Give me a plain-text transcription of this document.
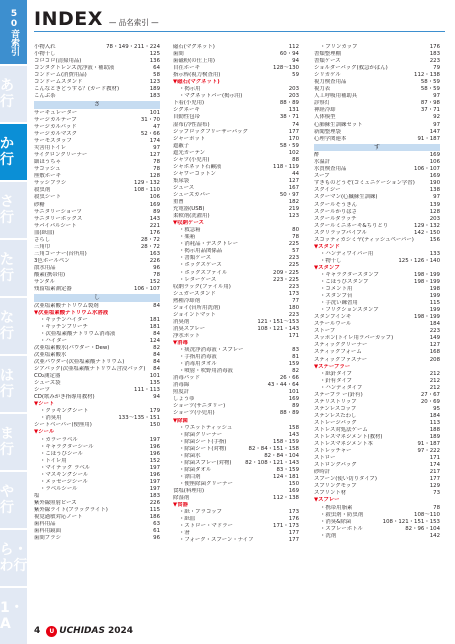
50音索引
あ行
か行
さ行
た行
な行
は行
ま行
や行
ら・わ行
1・A
INDEX — 品名索引 —
小物入れ	78・149・211・224
小物干し	125
コロコロ(清掃用品)	136
コンタクトレンズ洗浄液・補助液	64
コンドーム(消費用品)	58
コンドームスタンド	123
こんなときどうする？(カード教材)	189
こんぶ茶	183
さ
サーキュレーター	101
サージカルテープ	31・70
サージカルパッド	47
サージカルマスク	52・66
サーモスタッフ	174
災害用トイレ	97
サイクロンクリーナー	127
細ほうちゃ	78
サコッシュ	78
座敷ホーキ	128
サッシブラシ	129・132
殺虫剤	108・110
殺虫シート	106
砂糖	169
サニタリーショーツ	89
サニタリーボックス	143
サバイバルシート	221
皿(紙皿)	176
さらし	28・72
三角巾	28・72
三角コーナー(台所用)	163
3色ボールペン	226
散水用品	96
酸素(携帯用)	78
サンダル	152
残留塩素測定器	106・107
し
次亜塩素酸ナトリウム製剤	84
▼次亜塩素酸ナトリウム水溶液
・キッチンハイター	181
・キッチンブリーチ	181
・次亜塩素酸ナトリウム消毒液	84
・ハイター	124
次亜塩素酸水(パウダー・Dew)	82
次亜塩素酸水	84
次亜パウダー(次亜塩素酸ナトリウム)	84
ジアパック(次亜塩素酸ナトリウム含浸パック) 84
CO₂測定器	101
シューズ袋	135
シーツ	111・113
CD(歌みがき指導用教材)	94
▼シート
・クッキングシート	179
・消臭用	133～135・151
シートベーパー(便座用)	150
▼シール
・カラーラベル	197
・キャラクターシール	196
・ごほうびシール	196
・トイレ用	152
・マイテック ラベル	197
・マスキングシール	196
・メッセージシール	197
・ラベルシール	197
塩	183
紫外線照射ビーズ	226
紫外線ライト(ブラックライト)	115
視覚過敏対応ノート	186
歯科用品	63
歯科用鏡面	61
歯間ブラシ	96
磁石(マグネット)	112
歯間	60・94
歯磁粉(の仕上用)	94
自在ホーキ	128～130
指示棒(視力検査用)	59
▼磁石(マグネット)
・掲示用	203
・マグネットバー(掲示用)	203
下着(小児用)	88・89
シグネーキ	131
自動性包帯	38・71
湿布(冷性湿布)	74
ジップロックフリーザーバッグ	177
ジャーポット	170
遮蔽子	58・59
遮光カーテン	102
シャツ(小児用)	88
シャボネット石鹸液	118・119
シャワーコットン	44
集尿袋	127
ジュース	167
シューズカバー	50・97
重曹	182
充電器(USB)	219
柔軟剤(洗濯用)	123
▼収納ケース
・救急箱	80
・薬箱	78
・消耗品・デスクトレー	225
・掲示用品関係品	57
・書類ケース	223
・ボックスケース	225
・ボックスファイル	209・225
・レターケース	223・225
収納ラック(ファイル用)	223
シュガースタンド	173
熱種冷却剤	77
ジョイ(台所用洗剤)	180
ジョイントマット	223
消臭剤	121・151～153
消臭スプレー	108・121・143
浄水ポット	171
▼消毒
・痰洗浄消毒液・スプレー	83
・手指用消毒液	81
・消毒用タオル	159
・噴射・吹野用消毒液	82
消毒パッド	26・66
消毒綿	43・44・64
照度計	101
しょうゆ	169
ショーツ(サニタリー)	89
ショーツ(小児用)	88・89
▼除菌
・ウエットティッシュ	158
・除菌クリーナー	143
・除菌シート(手指)	158・159
・除菌シート(対物)	82・84・151・158
・除菌水	82・84・104
・除菌スプレー(対物)	82・108・121・143
・除菌ダオル	83・159
・漂白剤	124・181
・便座除菌クリーナー	150
食塩(料理用)	169
除湿剤	112・138
▼食器
・紙・プラコップ	173
・紙皿	176
・ストロー・マドラー	171・173
・箸	177
・フォーク・スプーン・ナイフ	177
・プリンカップ	176
書類整理棚	183
書類ケース	223
ショルダーバッグ(救急かばん)	79
シリカゲル	112・138
視力検査用品	58・59
視力表	58・59
人工呼吸用補助具	97
診察灯	87・98
神経冷却	37・71
人体模型	92
心肺蘇生訓練セット	97
新聞整理袋	147
心理学関連本	91・187
す
酢	169
水温計	106
水質検査用品	106・107
スープ	169
すきものどうぞ(コミュニケーション学習)	190
スクイジー	138
スクーマン(心臓蘇生訓練)	97
スクールそうきん	139
スクールかりばさ	128
スクールダラッチ	203
スクールミニネーキ&ちりとり	129・132
スクリラップバイプル	142・150
スコッティカシミヤ(ティッシュペーパー)	156
▼スタンド
・ハンディワイパー用	133
・物干し	125・126・140
▼スタンプ
・キャラクタースタンプ	198・199
・ごほうびスタンプ	198・199
・コメント用	198
・スタンプ台	199
・手洗い練習用	115
・フリクションスタンプ	199
スタンプインキ	198・199
スチールウール	184
ストーブ	223
スッポン(トイレ用ラバーカップ)	149
スティッククリーナー	127
スティックフォーム	168
スティックファスナー	208
▼ステープラー
・紙針タイプ	212
・針有タイプ	212
・ハンディタイプ	212
ステープラ ー(針有)	27・67
ステリストリップ	20・69
ステンレスコップ	95
ステンレスたわし	184
ストレージバッグ	113
ストレス対処法ゲーム	188
ストレスマネジメント(教材)	189
ストレスマネジメント本	91・187
ストレッチャー	97・222
ストロー	171
ストロングバッグ	174
砂時計	217
スプーン(使い切りタイプ)	177
スプリングモップ	129
スプリント材	73
▼スプレー
・携帯用脂素	78
・殺虫剤・防虫剤	108～110
・消臭&除菌	108・121・151・153
・スプレーボトル	82・96・104
・洗剤	142
4	U UCHIDAS 2024
